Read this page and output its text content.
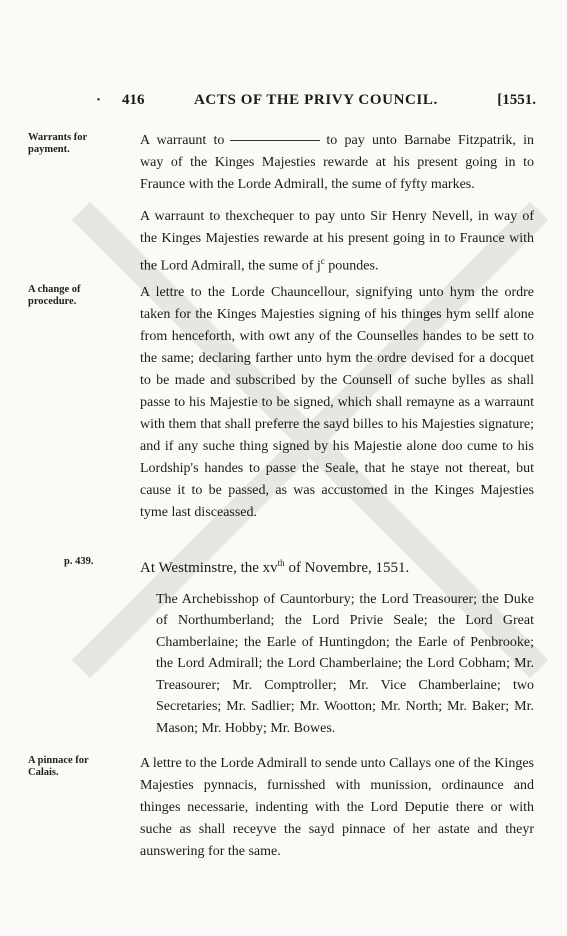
· 416	ACTS OF THE PRIVY COUNCIL.	[1551.
Warrants for payment.

A warraunt to	to pay unto Barnabe Fitzpatrik, in way of the Kinges Majesties rewarde at his present going in to Fraunce with the Lorde Admirall, the sume of fyfty markes.

A warraunt to thexchequer to pay unto Sir Henry Nevell, in way of the Kinges Majesties rewarde at his present going in to Fraunce with the Lord Admirall, the sume of $j^c$ poundes.

A change of procedure.

A lettre to the Lorde Chauncellour, signifying unto hym the ordre taken for the Kinges Majesties signing of his thinges hym sellf alone from henceforth, with owt any of the Counselles handes to be sett to the same; declaring farther unto hym the ordre devised for a docquet to be made and subscribed by the Counsell of suche bylles as shall passe to his Majestie to be signed, which shall remayne as a warraunt with them that shall preferre the sayd billes to his Majesties signature; and if any suche thing signed by his Majestie alone doo cume to his Lordship's handes to passe the Seale, that he staye not thereat, but cause it to be passed, as was accustomed in the Kinges Majesties tyme last disceassed.

p. 439.	At Westminstre, the $xv^{th}$ of Novembre, 1551.

The Archebisshop of Cauntorbury; the Lord Treasourer; the Duke of Northumberland; the Lord Privie Seale; the Lord Great Chamberlaine; the Earle of Huntingdon; the Earle of Penbrooke; the Lord Admirall; the Lord Chamberlaine; the Lord Cobham; Mr. Treasourer; Mr. Comptroller; Mr. Vice Chamberlaine; two Secretaries; Mr. Sadlier; Mr. Wootton; Mr. North; Mr. Baker; Mr. Mason; Mr. Hobby; Mr. Bowes.

A pinnace for Calais.

A lettre to the Lorde Admirall to sende unto Callays one of the Kinges Majesties pynnacis, furnisshed with munission, ordinaunce and thinges necessarie, indenting with the Lord Deputie there or with suche as shall receyve the sayd pinnace of her astate and theyr aunswering for the same.
